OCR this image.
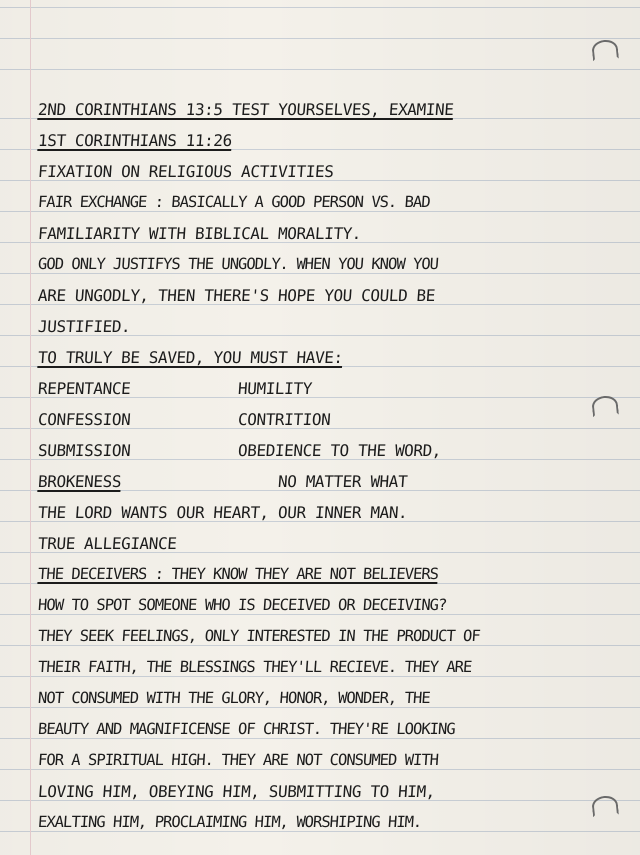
2ND CORINTHIANS 13:5 TEST YOURSELVES, EXAMINE
1ST CORINTHIANS 11:26
FIXATION ON RELIGIOUS ACTIVITIES
FAIR EXCHANGE : BASICALLY A GOOD PERSON VS. BAD
FAMILIARITY WITH BIBLICAL MORALITY.
GOD ONLY JUSTIFYS THE UNGODLY. WHEN YOU KNOW YOU
ARE UNGODLY, THEN THERE'S HOPE YOU COULD BE
JUSTIFIED.
TO TRULY BE SAVED, YOU MUST HAVE:
REPENTANCE	HUMILITY
CONFESSION	CONTRITION
SUBMISSION	OBEDIENCE TO THE WORD,
BROKENESS	NO MATTER WHAT
THE LORD WANTS OUR HEART, OUR INNER MAN.
TRUE ALLEGIANCE
THE DECEIVERS : THEY KNOW THEY ARE NOT BELIEVERS
HOW TO SPOT SOMEONE WHO IS DECEIVED OR DECEIVING?
THEY SEEK FEELINGS, ONLY INTERESTED IN THE PRODUCT OF
THEIR FAITH, THE BLESSINGS THEY'LL RECIEVE. THEY ARE
NOT CONSUMED WITH THE GLORY, HONOR, WONDER, THE
BEAUTY AND MAGNIFICENSE OF CHRIST. THEY'RE LOOKING
FOR A SPIRITUAL HIGH. THEY ARE NOT CONSUMED WITH
LOVING HIM, OBEYING HIM, SUBMITTING TO HIM,
EXALTING HIM, PROCLAIMING HIM, WORSHIPING HIM.
